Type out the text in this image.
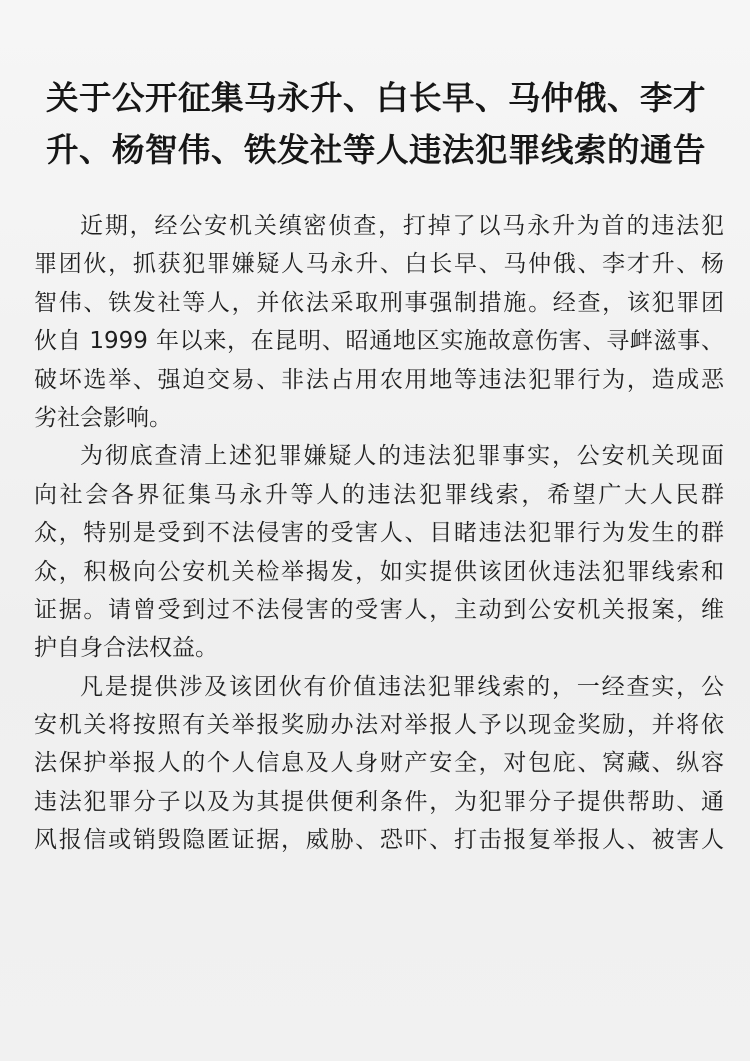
关于公开征集马永升、白长早、马仲俄、李才
升、杨智伟、铁发社等人违法犯罪线索的通告
近期，经公安机关缜密侦查，打掉了以马永升为首的违法犯
罪团伙，抓获犯罪嫌疑人马永升、白长早、马仲俄、李才升、杨
智伟、铁发社等人，并依法采取刑事强制措施。经查，该犯罪团
伙自 1999 年以来，在昆明、昭通地区实施故意伤害、寻衅滋事、
破坏选举、强迫交易、非法占用农用地等违法犯罪行为，造成恶
劣社会影响。
为彻底查清上述犯罪嫌疑人的违法犯罪事实，公安机关现面
向社会各界征集马永升等人的违法犯罪线索，希望广大人民群
众，特别是受到不法侵害的受害人、目睹违法犯罪行为发生的群
众，积极向公安机关检举揭发，如实提供该团伙违法犯罪线索和
证据。请曾受到过不法侵害的受害人，主动到公安机关报案，维
护自身合法权益。
凡是提供涉及该团伙有价值违法犯罪线索的，一经查实，公
安机关将按照有关举报奖励办法对举报人予以现金奖励，并将依
法保护举报人的个人信息及人身财产安全，对包庇、窝藏、纵容
违法犯罪分子以及为其提供便利条件，为犯罪分子提供帮助、通
风报信或销毁隐匿证据，威胁、恐吓、打击报复举报人、被害人
